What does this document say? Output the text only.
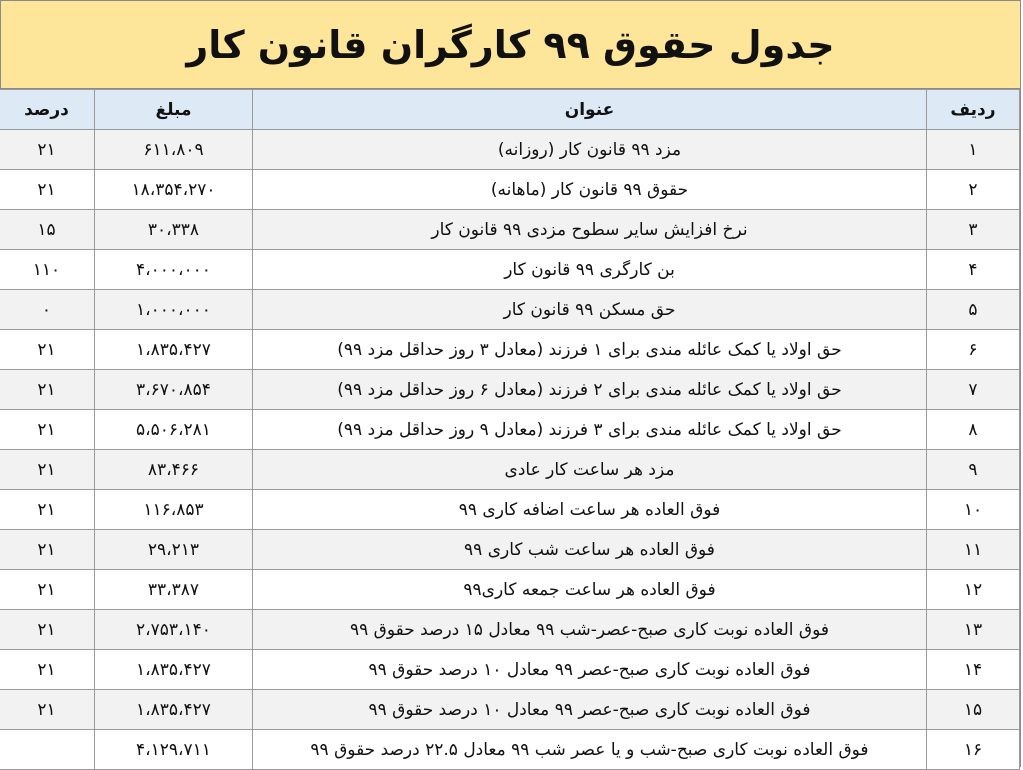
جدول حقوق ۹۹ کارگران قانون کار
ردیف	عنوان	مبلغ	درصد
۱	مزد ۹۹ قانون کار (روزانه)	۶۱۱،۸۰۹	۲۱
۲	حقوق ۹۹ قانون کار (ماهانه)	۱۸،۳۵۴،۲۷۰	۲۱
۳	نرخ افزایش سایر سطوح مزدی ۹۹ قانون کار	۳۰،۳۳۸	۱۵
۴	بن کارگری ۹۹ قانون کار	۴،۰۰۰،۰۰۰	۱۱۰
۵	حق مسکن ۹۹ قانون کار	۱،۰۰۰،۰۰۰	۰
۶	حق اولاد یا کمک عائله مندی برای ۱ فرزند (معادل ۳ روز حداقل مزد ۹۹)	۱،۸۳۵،۴۲۷	۲۱
۷	حق اولاد یا کمک عائله مندی برای ۲ فرزند (معادل ۶ روز حداقل مزد ۹۹)	۳،۶۷۰،۸۵۴	۲۱
۸	حق اولاد یا کمک عائله مندی برای ۳ فرزند (معادل ۹ روز حداقل مزد ۹۹)	۵،۵۰۶،۲۸۱	۲۱
۹	مزد هر ساعت کار عادی	۸۳،۴۶۶	۲۱
۱۰	فوق العاده هر ساعت اضافه کاری ۹۹	۱۱۶،۸۵۳	۲۱
۱۱	فوق العاده هر ساعت شب کاری ۹۹	۲۹،۲۱۳	۲۱
۱۲	فوق العاده هر ساعت جمعه کاری۹۹	۳۳،۳۸۷	۲۱
۱۳	فوق العاده نوبت کاری صبح-عصر-شب ۹۹ معادل ۱۵ درصد حقوق ۹۹	۲،۷۵۳،۱۴۰	۲۱
۱۴	فوق العاده نوبت کاری صبح-عصر ۹۹ معادل ۱۰ درصد حقوق ۹۹	۱،۸۳۵،۴۲۷	۲۱
۱۵	فوق العاده نوبت کاری صبح-عصر ۹۹ معادل ۱۰ درصد حقوق ۹۹	۱،۸۳۵،۴۲۷	۲۱
۱۶	فوق العاده نوبت کاری صبح-شب و یا عصر شب ۹۹ معادل ۲۲.۵ درصد حقوق ۹۹	۴،۱۲۹،۷۱۱	
